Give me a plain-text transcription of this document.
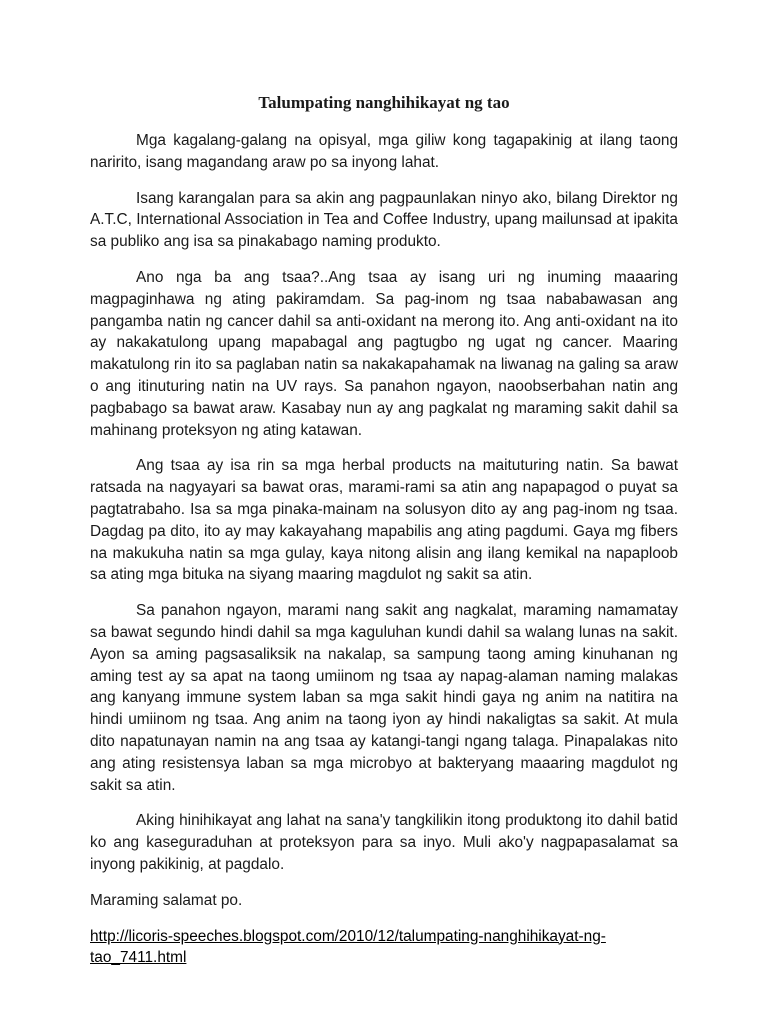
Talumpating nanghihikayat ng tao

Mga kagalang-galang na opisyal, mga giliw kong tagapakinig at ilang taong naririto, isang magandang araw po sa inyong lahat.

Isang karangalan para sa akin ang pagpaunlakan ninyo ako, bilang Direktor ng A.T.C, International Association in Tea and Coffee Industry, upang mailunsad at ipakita sa publiko ang isa sa pinakabago naming produkto.

Ano nga ba ang tsaa?..Ang tsaa ay isang uri ng inuming maaaring magpaginhawa ng ating pakiramdam. Sa pag-inom ng tsaa nababawasan ang pangamba natin ng cancer dahil sa anti-oxidant na merong ito. Ang anti-oxidant na ito ay nakakatulong upang mapabagal ang pagtugbo ng ugat ng cancer. Maaring makatulong rin ito sa paglaban natin sa nakakapahamak na liwanag na galing sa araw o ang itinuturing natin na UV rays. Sa panahon ngayon, naoobserbahan natin ang pagbabago sa bawat araw. Kasabay nun ay ang pagkalat ng maraming sakit dahil sa mahinang proteksyon ng ating katawan.

Ang tsaa ay isa rin sa mga herbal products na maituturing natin. Sa bawat ratsada na nagyayari sa bawat oras, marami-rami sa atin ang napapagod o puyat sa pagtatrabaho. Isa sa mga pinaka-mainam na solusyon dito ay ang pag-inom ng tsaa. Dagdag pa dito, ito ay may kakayahang mapabilis ang ating pagdumi. Gaya mg fibers na makukuha natin sa mga gulay, kaya nitong alisin ang ilang kemikal na napaploob sa ating mga bituka na siyang maaring magdulot ng sakit sa atin.

Sa panahon ngayon, marami nang sakit ang nagkalat, maraming namamatay sa bawat segundo hindi dahil sa mga kaguluhan kundi dahil sa walang lunas na sakit. Ayon sa aming pagsasaliksik na nakalap, sa sampung taong aming kinuhanan ng aming test ay sa apat na taong umiinom ng tsaa ay napag-alaman naming malakas ang kanyang immune system laban sa mga sakit hindi gaya ng anim na natitira na hindi umiinom ng tsaa. Ang anim na taong iyon ay hindi nakaligtas sa sakit. At mula dito napatunayan namin na ang tsaa ay katangi-tangi ngang talaga. Pinapalakas nito ang ating resistensya laban sa mga microbyo at bakteryang maaaring magdulot ng sakit sa atin.

Aking hinihikayat ang lahat na sana'y tangkilikin itong produktong ito dahil batid ko ang kaseguraduhan at proteksyon para sa inyo. Muli ako'y nagpapasalamat sa inyong pakikinig, at pagdalo.

Maraming salamat po.

http://licoris-speeches.blogspot.com/2010/12/talumpating-nanghihikayat-ng-tao_7411.html
